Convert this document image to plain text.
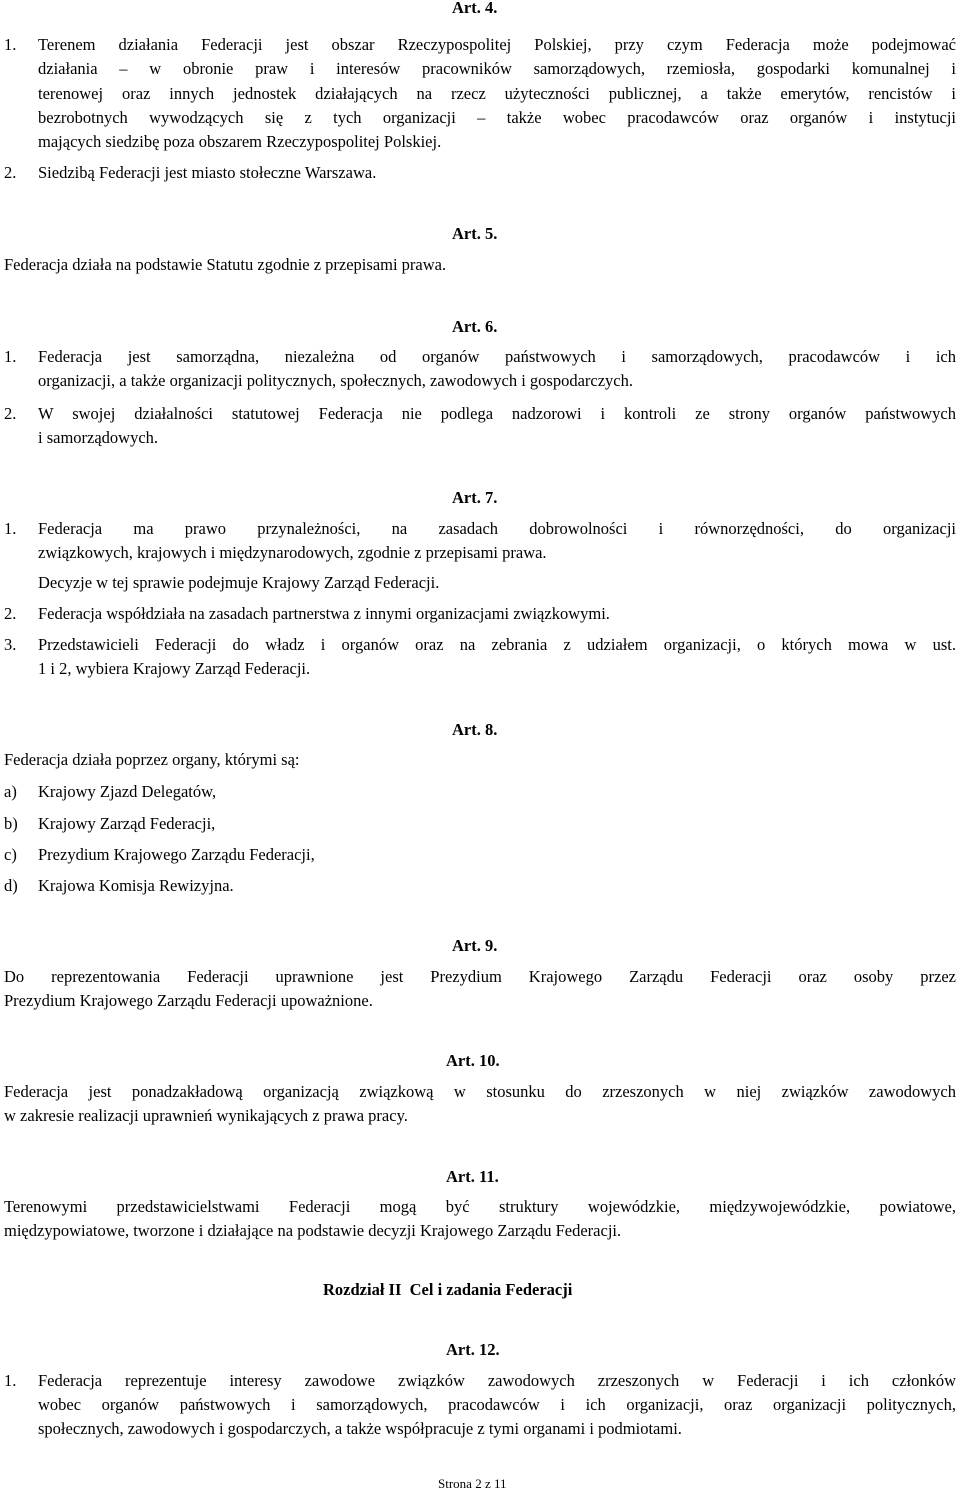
Art. 4.
1. Terenem działania Federacji jest obszar Rzeczypospolitej Polskiej, przy czym Federacja może podejmować
działania – w obronie praw i interesów pracowników samorządowych, rzemiosła, gospodarki komunalnej i
terenowej oraz innych jednostek działających na rzecz użyteczności publicznej, a także emerytów, rencistów i
bezrobotnych wywodzących się z tych organizacji – także wobec pracodawców oraz organów i instytucji
mających siedzibę poza obszarem Rzeczypospolitej Polskiej.
2. Siedzibą Federacji jest miasto stołeczne Warszawa.
Art. 5.
Federacja działa na podstawie Statutu zgodnie z przepisami prawa.
Art. 6.
1. Federacja jest samorządna, niezależna od organów państwowych i samorządowych, pracodawców i ich
organizacji, a także organizacji politycznych, społecznych, zawodowych i gospodarczych.
2. W swojej działalności statutowej Federacja nie podlega nadzorowi i kontroli ze strony organów państwowych
i samorządowych.
Art. 7.
1. Federacja ma prawo przynależności, na zasadach dobrowolności i równorzędności, do organizacji
związkowych, krajowych i międzynarodowych, zgodnie z przepisami prawa.
Decyzje w tej sprawie podejmuje Krajowy Zarząd Federacji.
2. Federacja współdziała na zasadach partnerstwa z innymi organizacjami związkowymi.
3. Przedstawicieli Federacji do władz i organów oraz na zebrania z udziałem organizacji, o których mowa w ust.
1 i 2, wybiera Krajowy Zarząd Federacji.
Art. 8.
Federacja działa poprzez organy, którymi są:
a) Krajowy Zjazd Delegatów,
b) Krajowy Zarząd Federacji,
c) Prezydium Krajowego Zarządu Federacji,
d) Krajowa Komisja Rewizyjna.
Art. 9.
Do reprezentowania Federacji uprawnione jest Prezydium Krajowego Zarządu Federacji oraz osoby przez
Prezydium Krajowego Zarządu Federacji upoważnione.
Art. 10.
Federacja jest ponadzakładową organizacją związkową w stosunku do zrzeszonych w niej związków zawodowych
w zakresie realizacji uprawnień wynikających z prawa pracy.
Art. 11.
Terenowymi przedstawicielstwami Federacji mogą być struktury wojewódzkie, międzywojewódzkie, powiatowe,
międzypowiatowe, tworzone i działające na podstawie decyzji Krajowego Zarządu Federacji.
Rozdział II  Cel i zadania Federacji
Art. 12.
1. Federacja reprezentuje interesy zawodowe związków zawodowych zrzeszonych w Federacji i ich członków
wobec organów państwowych i samorządowych, pracodawców i ich organizacji, oraz organizacji politycznych,
społecznych, zawodowych i gospodarczych, a także współpracuje z tymi organami i podmiotami.
Strona 2 z 11
